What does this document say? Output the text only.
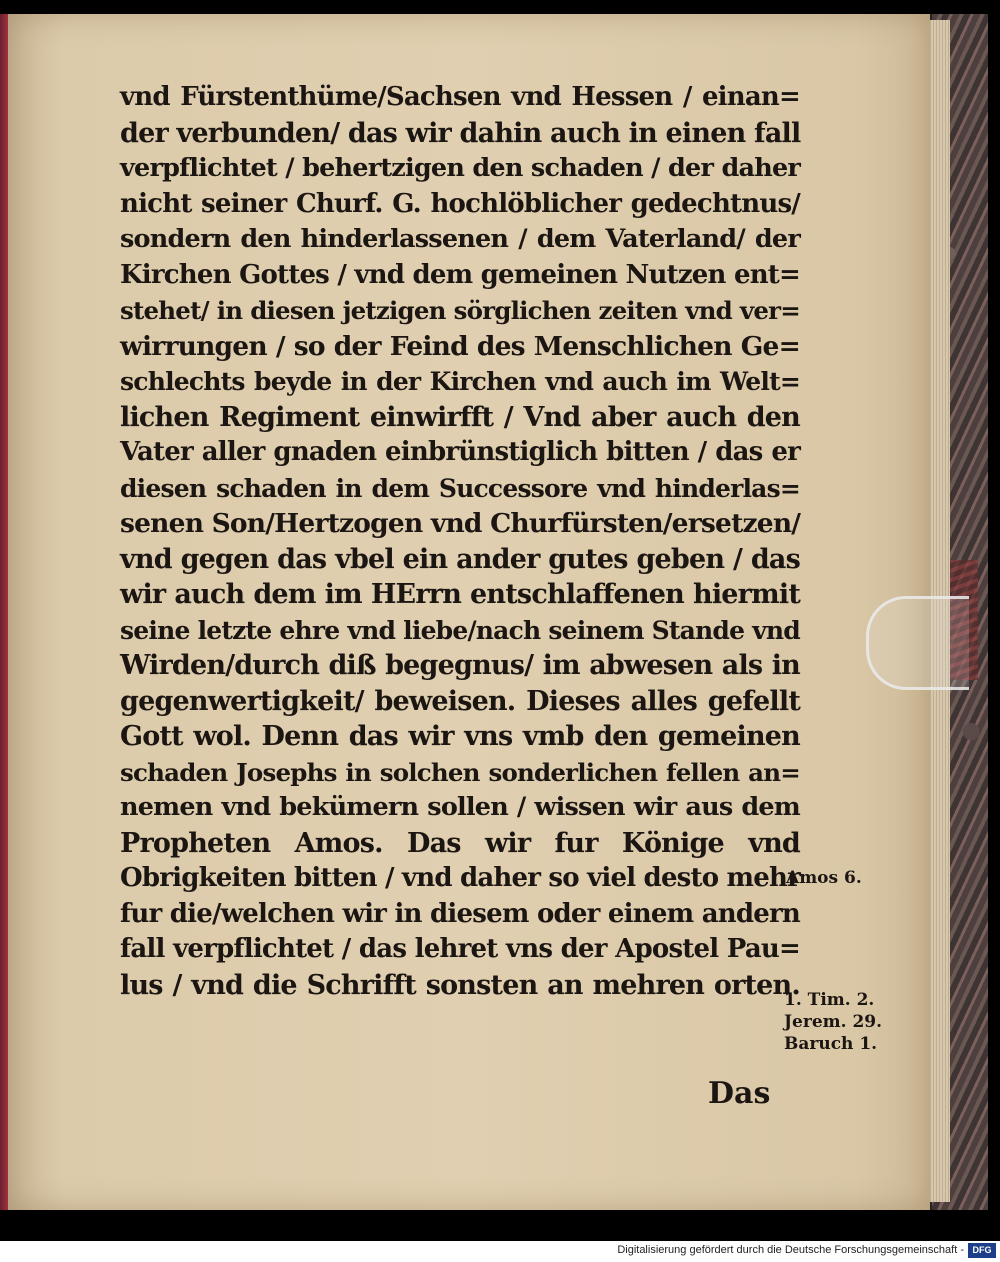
vnd Fürstenthüme/Sachsen vnd Hessen / einan=
der verbunden/ das wir dahin auch in einen fall
verpflichtet / behertzigen den schaden / der daher
nicht seiner Churf. G. hochlöblicher gedechtnus/
sondern den hinderlassenen / dem Vaterland/ der
Kirchen Gottes / vnd dem gemeinen Nutzen ent=
stehet/ in diesen jetzigen sörglichen zeiten vnd ver=
wirrungen / so der Feind des Menschlichen Ge=
schlechts beyde in der Kirchen vnd auch im Welt=
lichen Regiment einwirfft / Vnd aber auch den
Vater aller gnaden einbrünstiglich bitten / das er
diesen schaden in dem Successore vnd hinderlas=
senen Son/Hertzogen vnd Churfürsten/ersetzen/
vnd gegen das vbel ein ander gutes geben / das
wir auch dem im HErrn entschlaffenen hiermit
seine letzte ehre vnd liebe/nach seinem Stande vnd
Wirden/durch diß begegnus/ im abwesen als in
gegenwertigkeit/ beweisen. Dieses alles gefellt
Gott wol. Denn das wir vns vmb den gemeinen
schaden Josephs in solchen sonderlichen fellen an=
nemen vnd bekümern sollen / wissen wir aus dem
Propheten Amos. Das wir fur Könige vnd
Obrigkeiten bitten / vnd daher so viel desto mehr
fur die/welchen wir in diesem oder einem andern
fall verpflichtet / das lehret vns der Apostel Pau=
lus / vnd die Schrifft sonsten an mehren orten.
Das
Amos 6.
1. Tim. 2.
Jerem. 29.
Baruch 1.
Digitalisierung gefördert durch die Deutsche Forschungsgemeinschaft - DFG
